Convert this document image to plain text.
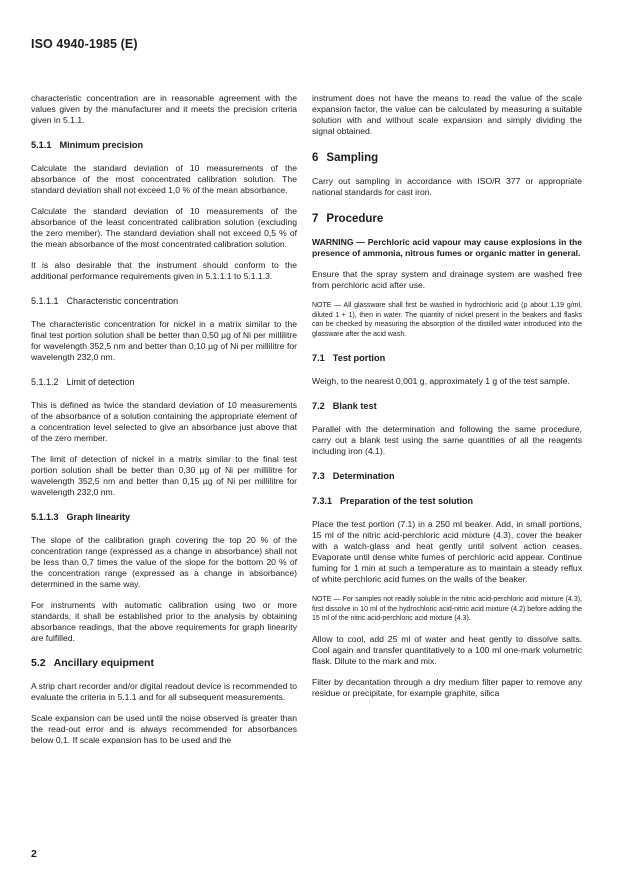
ISO 4940-1985 (E)

characteristic concentration are in reasonable agreement with the values given by the manufacturer and it meets the precision criteria given in 5.1.1.

5.1.1 Minimum precision

Calculate the standard deviation of 10 measurements of the absorbance of the most concentrated calibration solution. The standard deviation shall not exceed 1,0 % of the mean absorbance.

Calculate the standard deviation of 10 measurements of the absorbance of the least concentrated calibration solution (excluding the zero member). The standard deviation shall not exceed 0,5 % of the mean absorbance of the most concentrated calibration solution.

It is also desirable that the instrument should conform to the additional performance requirements given in 5.1.1.1 to 5.1.1.3.

5.1.1.1 Characteristic concentration

The characteristic concentration for nickel in a matrix similar to the final test portion solution shall be better than 0,50 µg of Ni per millilitre for wavelength 352,5 nm and better than 0,10 µg of Ni per millilitre for wavelength 232,0 nm.

5.1.1.2 Limit of detection

This is defined as twice the standard deviation of 10 measurements of the absorbance of a solution containing the appropriate element of a concentration level selected to give an absorbance just above that of the zero member.

The limit of detection of nickel in a matrix similar to the final test portion solution shall be better than 0,30 µg of Ni per millilitre for wavelength 352,5 nm and better than 0,15 µg of Ni per millilitre for wavelength 232,0 nm.

5.1.1.3 Graph linearity

The slope of the calibration graph covering the top 20 % of the concentration range (expressed as a change in absorbance) shall not be less than 0,7 times the value of the slope for the bottom 20 % of the concentration range (expressed as a change in absorbance) determined in the same way.

For instruments with automatic calibration using two or more standards, it shall be established prior to the analysis by obtaining absorbance readings, that the above requirements for graph linearity are fulfilled.

5.2 Ancillary equipment

A strip chart recorder and/or digital readout device is recommended to evaluate the criteria in 5.1.1 and for all subsequent measurements.

Scale expansion can be used until the noise observed is greater than the read-out error and is always recommended for absorbances below 0,1. If scale expansion has to be used and the

instrument does not have the means to read the value of the scale expansion factor, the value can be calculated by measuring a suitable solution with and without scale expansion and simply dividing the signal obtained.

6 Sampling

Carry out sampling in accordance with ISO/R 377 or appropriate national standards for cast iron.

7 Procedure

WARNING — Perchloric acid vapour may cause explosions in the presence of ammonia, nitrous fumes or organic matter in general.

Ensure that the spray system and drainage system are washed free from perchloric acid after use.

NOTE — All glassware shall first be washed in hydrochloric acid (ρ about 1,19 g/ml, diluted 1 + 1), then in water. The quantity of nickel present in the beakers and flasks can be checked by measuring the absorption of the distilled water introduced into the glassware after the acid wash.

7.1 Test portion

Weigh, to the nearest 0,001 g, approximately 1 g of the test sample.

7.2 Blank test

Parallel with the determination and following the same procedure, carry out a blank test using the same quantities of all the reagents including iron (4.1).

7.3 Determination
7.3.1 Preparation of the test solution

Place the test portion (7.1) in a 250 ml beaker. Add, in small portions, 15 ml of the nitric acid-perchloric acid mixture (4.3), cover the beaker with a watch-glass and heat gently until solvent action ceases. Evaporate until dense white fumes of perchloric acid appear. Continue fuming for 1 min at such a temperature as to maintain a steady reflux of white perchloric acid fumes on the walls of the beaker.

NOTE — For samples not readily soluble in the nitric acid-perchloric acid mixture (4.3), first dissolve in 10 ml of the hydrochloric acid-nitric acid mixture (4.2) before adding the 15 ml of the nitric acid-perchloric acid mixture (4.3).

Allow to cool, add 25 ml of water and heat gently to dissolve salts. Cool again and transfer quantitatively to a 100 ml one-mark volumetric flask. Dilute to the mark and mix.

Filter by decantation through a dry medium filter paper to remove any residue or precipitate, for example graphite, silica

2
